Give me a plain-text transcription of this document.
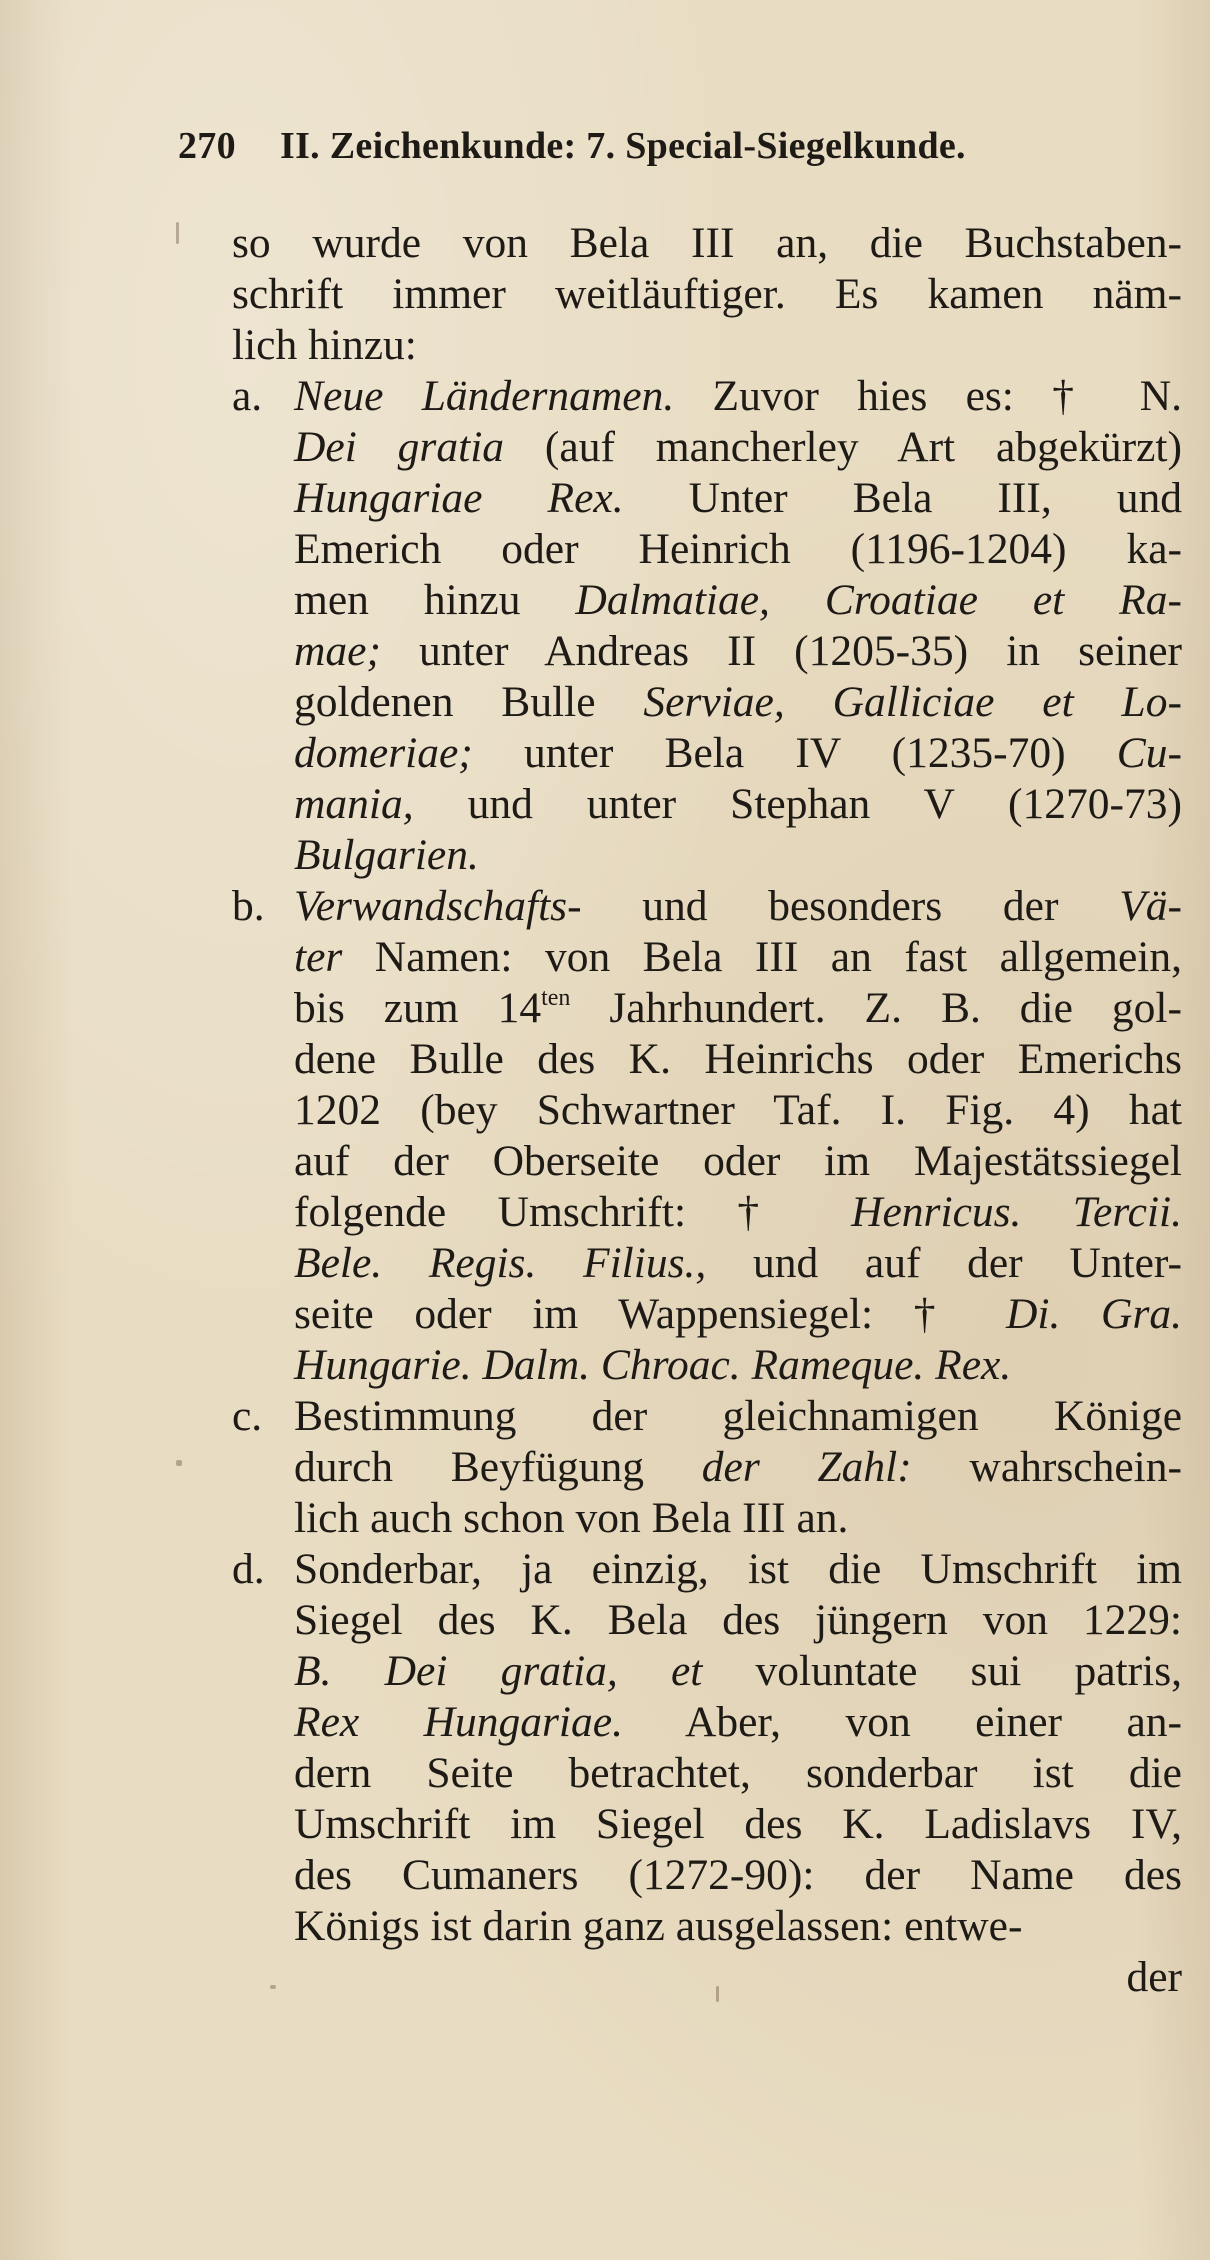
270	II. Zeichenkunde: 7. Special-Siegelkunde.
so wurde von Bela III an, die Buchstaben-
schrift immer weitläuftiger. Es kamen näm-
lich hinzu:
a. Neue Ländernamen. Zuvor hies es: † N.
Dei gratia (auf mancherley Art abgekürzt)
Hungariae Rex. Unter Bela III, und
Emerich oder Heinrich (1196-1204) ka-
men hinzu Dalmatiae, Croatiae et Ra-
mae; unter Andreas II (1205-35) in seiner
goldenen Bulle Serviae, Galliciae et Lo-
domeriae; unter Bela IV (1235-70) Cu-
mania, und unter Stephan V (1270-73)
Bulgarien.
b. Verwandschafts- und besonders der Vä-
ter Namen: von Bela III an fast allgemein,
bis zum $14^{ten}$ Jahrhundert. Z. B. die gol-
dene Bulle des K. Heinrichs oder Emerichs
1202 (bey Schwartner Taf. I. Fig. 4) hat
auf der Oberseite oder im Majestätssiegel
folgende Umschrift: † Henricus. Tercii.
Bele. Regis. Filius., und auf der Unter-
seite oder im Wappensiegel: † Di. Gra.
Hungarie. Dalm. Chroac. Rameque. Rex.
c. Bestimmung der gleichnamigen Könige
durch Beyfügung der Zahl: wahrschein-
lich auch schon von Bela III an.
d. Sonderbar, ja einzig, ist die Umschrift im
Siegel des K. Bela des jüngern von 1229:
B. Dei gratia, et voluntate sui patris,
Rex Hungariae. Aber, von einer an-
dern Seite betrachtet, sonderbar ist die
Umschrift im Siegel des K. Ladislavs IV,
des Cumaners (1272-90): der Name des
Königs ist darin ganz ausgelassen: entwe-
der
